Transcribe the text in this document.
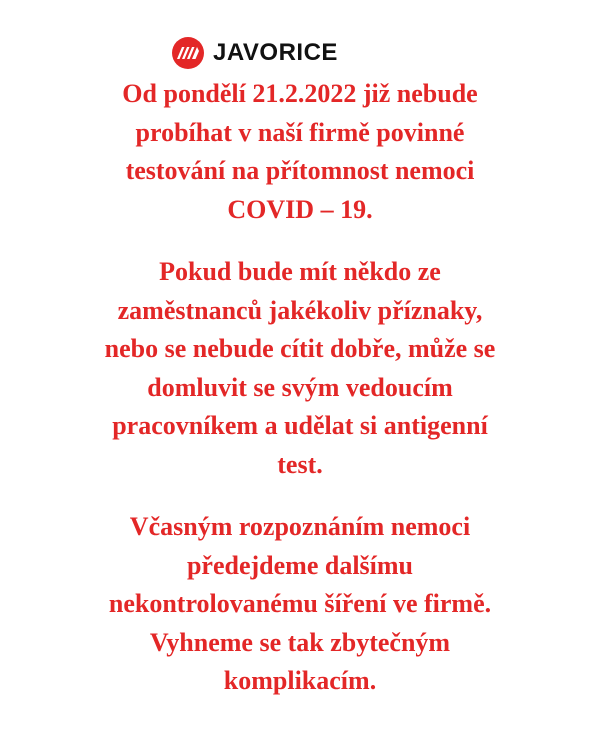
JAVORICE

Od pondělí 21.2.2022 již nebude
probíhat v naší firmě povinné
testování na přítomnost nemoci
COVID – 19.

Pokud bude mít někdo ze
zaměstnanců jakékoliv příznaky,
nebo se nebude cítit dobře, může se
domluvit se svým vedoucím
pracovníkem a udělat si antigenní
test.

Včasným rozpoznáním nemoci
předejdeme dalšímu
nekontrolovanému šíření ve firmě.
Vyhneme se tak zbytečným
komplikacím.
